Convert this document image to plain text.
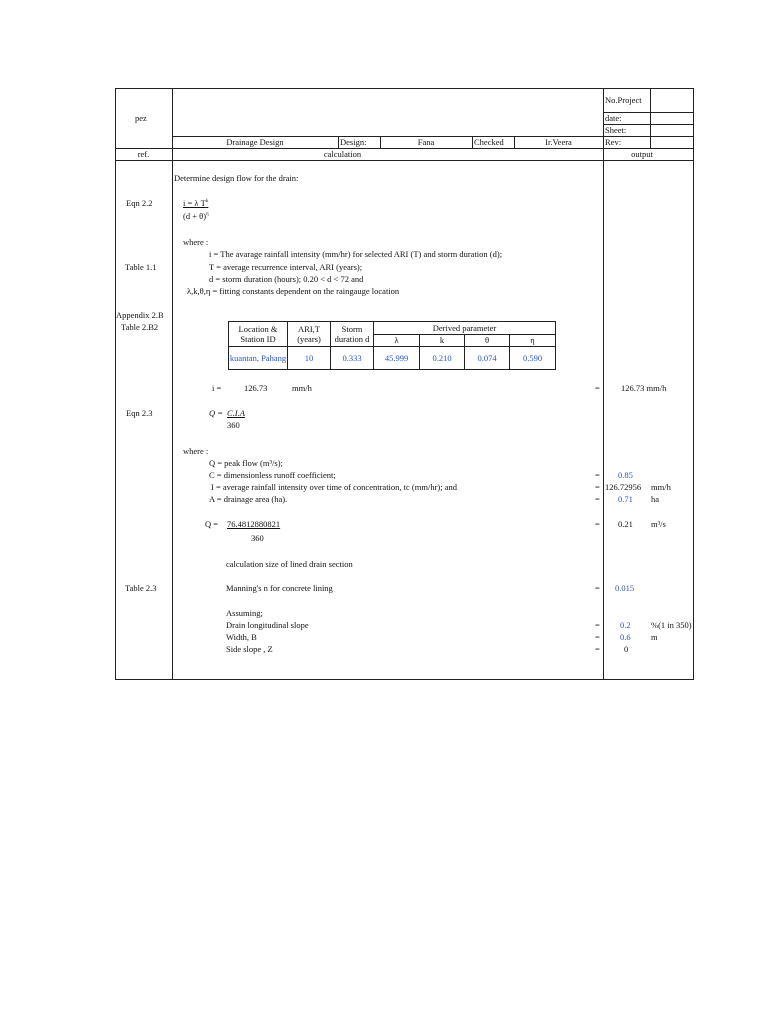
pez
No.Project
date:
Sheet:
Rev:
Drainage Design	Design:	Fana	Checked	Ir.Veera
ref.	calculation	output
Determine design flow for the drain:
Eqn 2.2	i = λ $T^k$
$(d + \theta)^\eta$
where :
i = The avarage rainfall intensity (mm/hr) for selected ARI (T) and storm duration (d);
Table 1.1	T = average recurrence interval, ARI (years);
d = storm duration (hours); 0.20 < d < 72 and
λ,k,θ,η = fitting constants dependent on the raingauge location
Appendix 2.B
Table 2.B2	Location & Station ID	ARI,T (years)	Storm duration d	Derived parameter			
			λ	k	θ	η
kuantan, Pahang	10	0.333	45.999	0.210	0.074	0.590
i =	126.73	mm/h	= 126.73 mm/h
Eqn 2.3	Q = C.I.A
360
where :
Q = peak flow (m³/s);
C = dimensionless runoff coefficient;	= 0.85
I = average rainfall intensity over time of concentration, tc (mm/hr); and	= 126.72956 mm/h
A = drainage area (ha).	= 0.71 ha
Q = 76.4812880821
360
= 0.21 m³/s
calculation size of lined drain section
Table 2.3	Manning's n for concrete lining	= 0.015
Assuming;
Drain longitudinal slope	= 0.2 %(1 in 350)
Width, B	= 0.6 m
Side slope , Z	=	0
